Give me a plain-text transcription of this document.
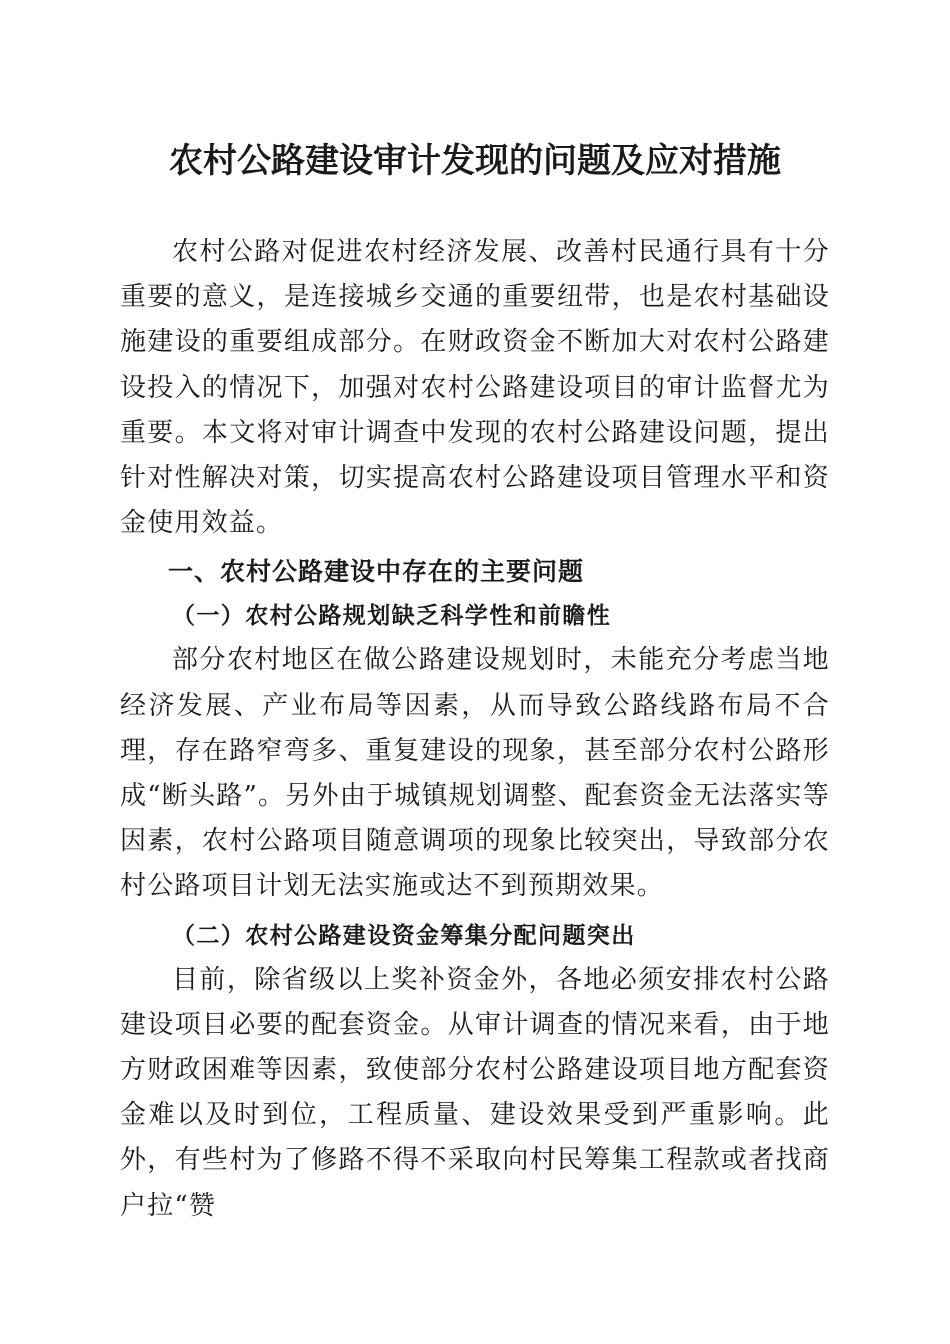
农村公路建设审计发现的问题及应对措施

农村公路对促进农村经济发展、改善村民通行具有十分重要的意义，是连接城乡交通的重要纽带，也是农村基础设施建设的重要组成部分。在财政资金不断加大对农村公路建设投入的情况下，加强对农村公路建设项目的审计监督尤为重要。本文将对审计调查中发现的农村公路建设问题，提出针对性解决对策，切实提高农村公路建设项目管理水平和资金使用效益。

一、农村公路建设中存在的主要问题
（一）农村公路规划缺乏科学性和前瞻性

部分农村地区在做公路建设规划时，未能充分考虑当地经济发展、产业布局等因素，从而导致公路线路布局不合理，存在路窄弯多、重复建设的现象，甚至部分农村公路形成“断头路”。另外由于城镇规划调整、配套资金无法落实等因素，农村公路项目随意调项的现象比较突出，导致部分农村公路项目计划无法实施或达不到预期效果。

（二）农村公路建设资金筹集分配问题突出

目前，除省级以上奖补资金外，各地必须安排农村公路建设项目必要的配套资金。从审计调查的情况来看，由于地方财政困难等因素，致使部分农村公路建设项目地方配套资金难以及时到位，工程质量、建设效果受到严重影响。此外，有些村为了修路不得不采取向村民筹集工程款或者找商户拉“赞
